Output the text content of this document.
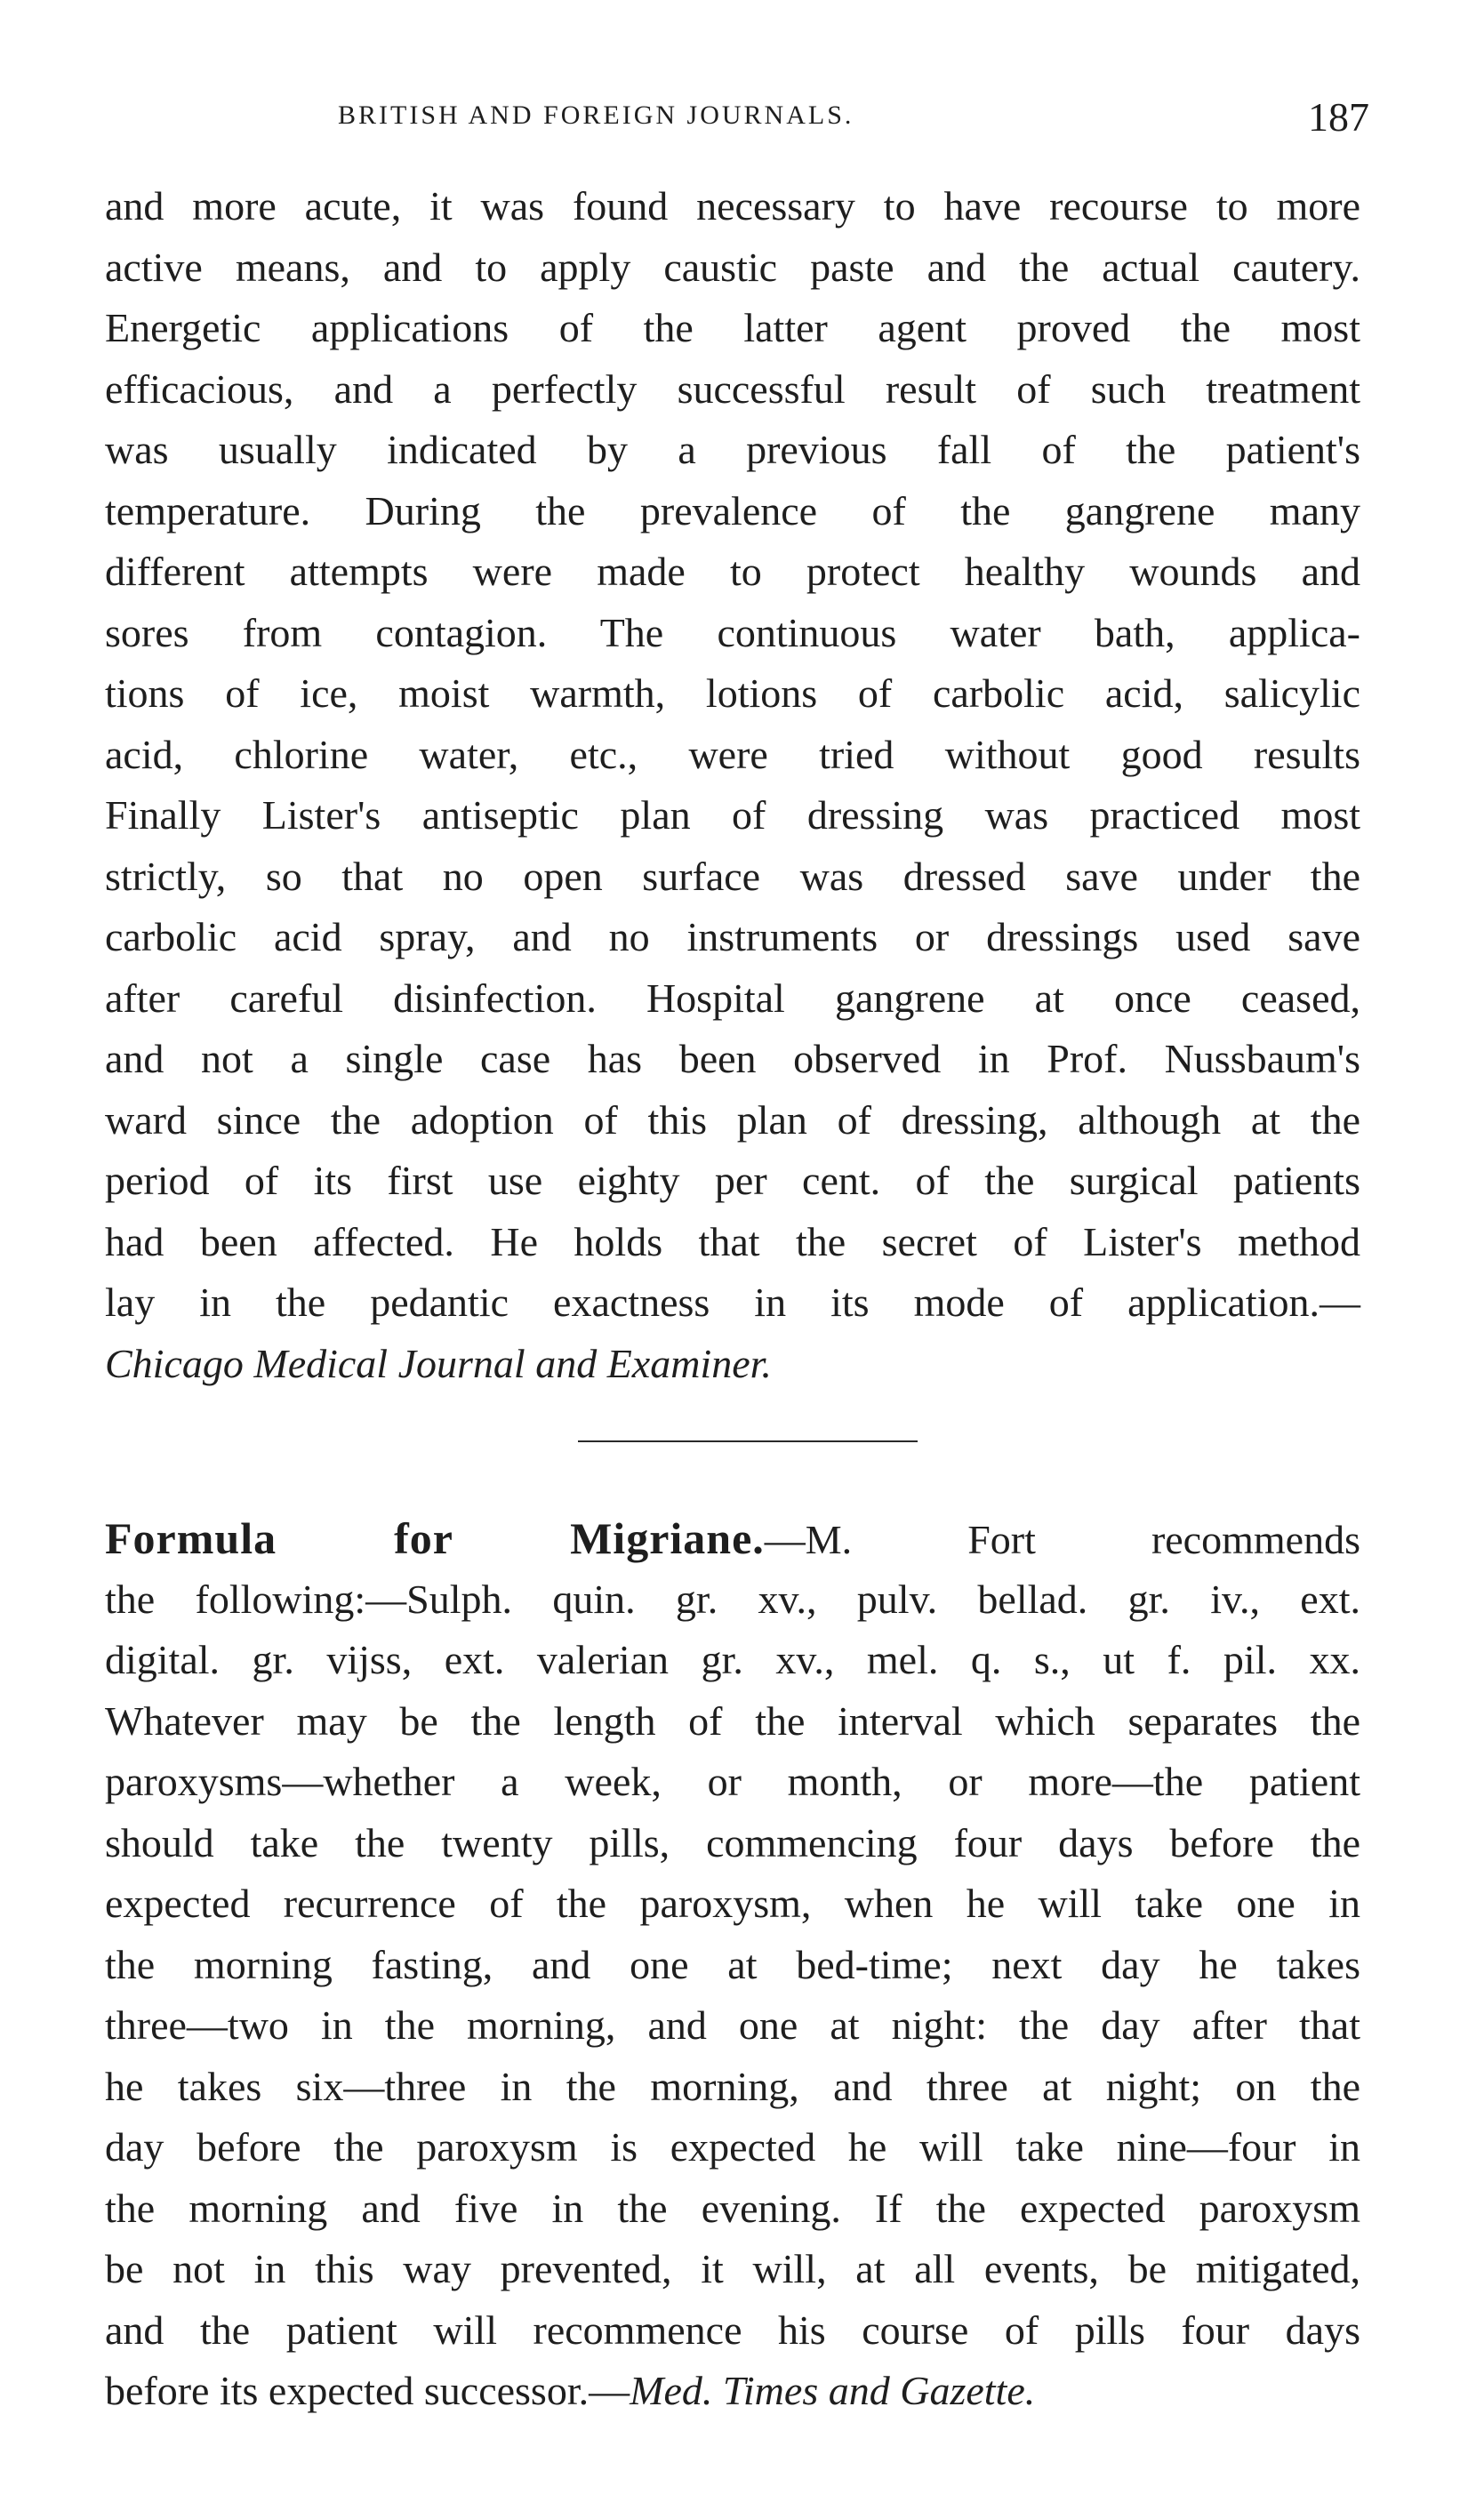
BRITISH AND FOREIGN JOURNALS.	187
and more acute, it was found necessary to have recourse to more
active means, and to apply caustic paste and the actual cautery.
Energetic applications of the latter agent proved the most
efficacious, and a perfectly successful result of such treatment
was usually indicated by a previous fall of the patient's
temperature. During the prevalence of the gangrene many
different attempts were made to protect healthy wounds and
sores from contagion. The continuous water bath, applica-
tions of ice, moist warmth, lotions of carbolic acid, salicylic
acid, chlorine water, etc., were tried without good results
Finally Lister's antiseptic plan of dressing was practiced most
strictly, so that no open surface was dressed save under the
carbolic acid spray, and no instruments or dressings used save
after careful disinfection. Hospital gangrene at once ceased,
and not a single case has been observed in Prof. Nussbaum's
ward since the adoption of this plan of dressing, although at the
period of its first use eighty per cent. of the surgical patients
had been affected. He holds that the secret of Lister's method
lay in the pedantic exactness in its mode of application.—
Chicago Medical Journal and Examiner.
Formula for Migriane.—M. Fort recommends
the following:—Sulph. quin. gr. xv., pulv. bellad. gr. iv., ext.
digital. gr. vijss, ext. valerian gr. xv., mel. q. s., ut f. pil. xx.
Whatever may be the length of the interval which separates the
paroxysms—whether a week, or month, or more—the patient
should take the twenty pills, commencing four days before the
expected recurrence of the paroxysm, when he will take one in
the morning fasting, and one at bed-time; next day he takes
three—two in the morning, and one at night: the day after that
he takes six—three in the morning, and three at night; on the
day before the paroxysm is expected he will take nine—four in
the morning and five in the evening. If the expected paroxysm
be not in this way prevented, it will, at all events, be mitigated,
and the patient will recommence his course of pills four days
before its expected successor.—Med. Times and Gazette.
